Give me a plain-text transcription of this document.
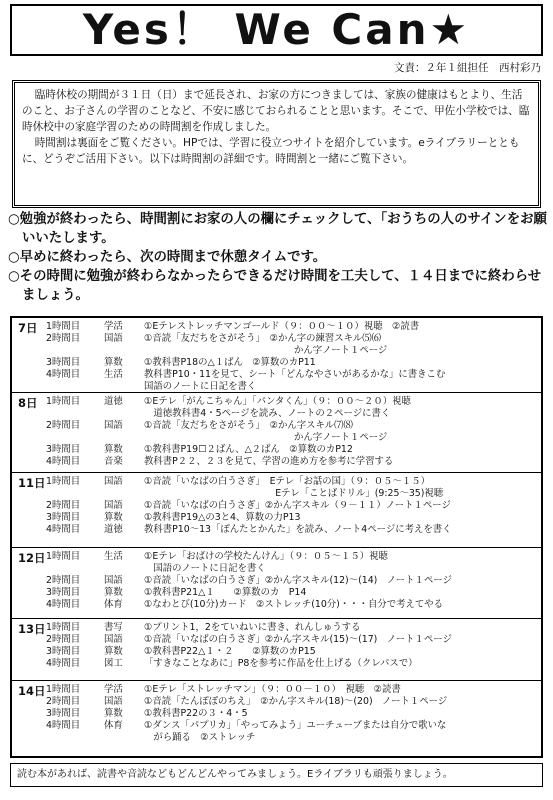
Yes！ We Can★
文責：２年１組担任　西村彩乃

臨時休校の期間が３１日（日）まで延長され、お家の方につきましては、家族の健康はもとより、生活のこと、お子さんの学習のことなど、不安に感じておられることと思います。そこで、甲佐小学校では、臨時休校中の家庭学習のための時間割を作成しました。

時間割は裏面をご覧ください。HPでは、学習に役立つサイトを紹介しています。eライブラリーとともに、どうぞご活用下さい。以下は時間割の詳細です。時間割と一緒にご覧下さい。

○勉強が終わったら、時間割にお家の人の欄にチェックして、「おうちの人のサインをお願いいたします。
○早めに終わったら、次の時間まで休憩タイムです。
○その時間に勉強が終わらなかったらできるだけ時間を工夫して、１４日までに終わらせましょう。
7日 1時間目	学活 ①Eテレストレッチマンゴールド（９：００～１０）視聴　②読書
2時間目	国語 ①音読「友だちをさがそう」　②かん字の練習スキル⑸⑹
　　　　　　　　　　　　　　　　かん字ノート１ページ
3時間目	算数 ①教科書P18の△１ばん　②算数のカP11
4時間目	生活 教科書P10・11を見て、シート「どんなやさいがあるかな」に書きこむ
国語のノートに日記を書く
8日 1時間目	道徳 ①Eテレ「がんこちゃん」「パンタくん」（９：００～２０）視聴
　道徳教科書4・5ページを読み、ノートの２ページに書く
2時間目	国語 ①音読「友だちをさがそう」　②かん字スキル⑺⑻
　　　　　　　　　　　　　　　　かん字ノート１ページ
3時間目	算数 ①教科書P19☐２ばん、△２ばん　②算数のカP12
4時間目	音楽 教科書P２２、２３を見て、学習の進め方を参考に学習する
11日 1時間目	国語 ①音読「いなばの白うさぎ」　Eテレ「お話の国」（９：０５～１５）
　　　　　　　　　　　　　　Eテレ「ことばドリル」(9:25～35)視聴
2時間目	国語 ①音読「いなばの白うさぎ」②かん字スキル（９－１１）ノート１ページ
3時間目	算数 ①教科書P19△の3と4、算数の力P13
4時間目	道徳 教科書P10～13「ぽんたとかんた」を読み、ノート4ページに考えを書く
12日 1時間目	生活 ①Eテレ「おばけの学校たんけん」（９：０５～１５）視聴
　国語のノートに日記を書く
2時間目	国語 ①音読「いなばの白うさぎ」②かん字スキル(12)～(14)　ノート１ページ
3時間目	算数 ①教科書P21△１　　②算数のカ　P14
4時間目	体育 ①なわとび(10分)カード　②ストレッチ(10分)・・・自分で考えてやる
13日 1時間目	書写 ①プリント1，2をていねいに書き、れんしゅうする
2時間目	国語 ①音読「いなばの白うさぎ」②かん字スキル(15)～(17)　ノート１ページ
3時間目	算数 ①教科書P22△１・２　　②算数のカP15
4時間目	図工 「すきなことなあに」P8を参考に作品を仕上げる（クレパスで）
14日 1時間目	学活 ①Eテレ「ストレッチマン」（９：００－１０）　視聴　②読書
2時間目	国語 ①音読「たんぽぽのちえ」　②かん字スキル(18)～(20)　ノート１ページ
3時間目	算数 ①教科書P22の３・4・5
4時間目	体育 ①ダンス「パプリカ」「やってみよう」ユーチューブまたは自分で歌いな
　がら踊る　②ストレッチ
読む本があれば、読書や音読などもどんどんやってみましょう。Eライブラリも頑張りましょう。
